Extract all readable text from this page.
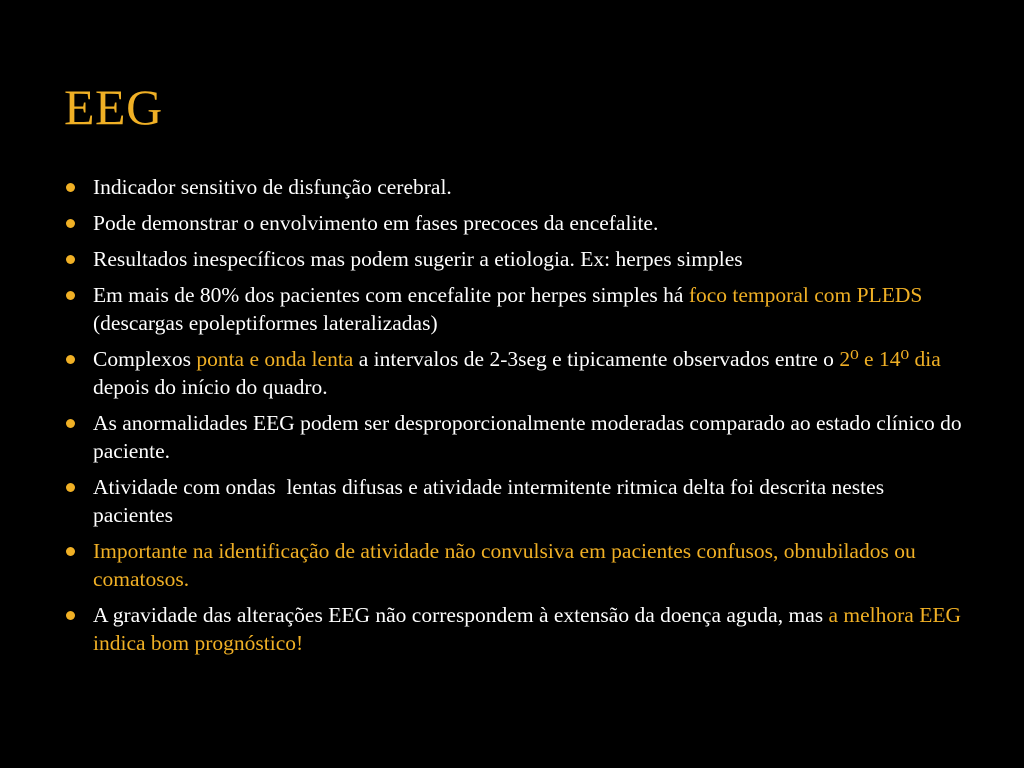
EEG
Indicador sensitivo de disfunção cerebral.
Pode demonstrar o envolvimento em fases precoces da encefalite.
Resultados inespecíficos mas podem sugerir a etiologia. Ex: herpes simples
Em mais de 80% dos pacientes com encefalite por herpes simples há foco temporal com PLEDS (descargas epoleptiformes lateralizadas)
Complexos ponta e onda lenta a intervalos de 2-3seg e tipicamente observados entre o 2⁰ e 14⁰ dia depois do início do quadro.
As anormalidades EEG podem ser desproporcionalmente moderadas comparado ao estado clínico do paciente.
Atividade com ondas  lentas difusas e atividade intermitente ritmica delta foi descrita nestes pacientes
Importante na identificação de atividade não convulsiva em pacientes confusos, obnubilados ou comatosos.
A gravidade das alterações EEG não correspondem à extensão da doença aguda, mas a melhora EEG indica bom prognóstico!
